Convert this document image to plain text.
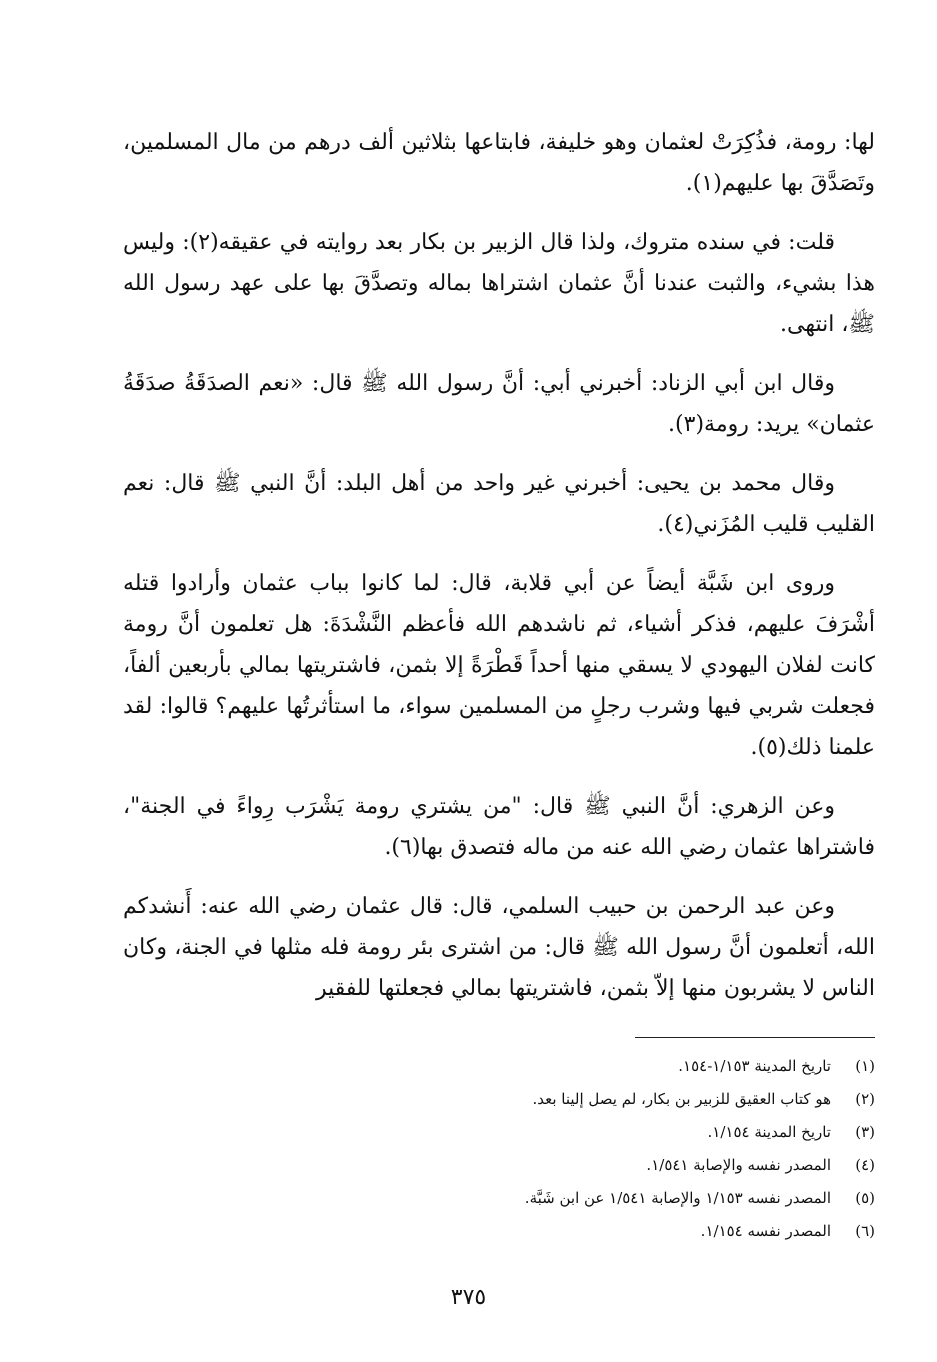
لها: رومة، فذُكِرَتْ لعثمان وهو خليفة، فابتاعها بثلاثين ألف درهم من مال المسلمين، وتَصَدَّقَ بها عليهم(١).

قلت: في سنده متروك، ولذا قال الزبير بن بكار بعد روايته في عقيقه(٢): وليس هذا بشيء، والثبت عندنا أنَّ عثمان اشتراها بماله وتصدَّقَ بها على عهد رسول الله ﷺ، انتهى.

وقال ابن أبي الزناد: أخبرني أبي: أنَّ رسول الله ﷺ قال: «نعم الصدَقَةُ صدَقَةُ عثمان» يريد: رومة(٣).

وقال محمد بن يحيى: أخبرني غير واحد من أهل البلد: أنَّ النبي ﷺ قال: نعم القليب قليب المُزَني(٤).

وروى ابن شَبَّة أيضاً عن أبي قلابة، قال: لما كانوا بباب عثمان وأرادوا قتله أشْرَفَ عليهم، فذكر أشياء، ثم ناشدهم الله فأعظم النَّشْدَةَ: هل تعلمون أنَّ رومة كانت لفلان اليهودي لا يسقي منها أحداً قَطْرَةً إلا بثمن، فاشتريتها بمالي بأربعين ألفاً، فجعلت شربي فيها وشرب رجلٍ من المسلمين سواء، ما استأثرتُها عليهم؟ قالوا: لقد علمنا ذلك(٥).

وعن الزهري: أنَّ النبي ﷺ قال: "من يشتري رومة يَشْرَب رِواءً في الجنة"، فاشتراها عثمان رضي الله عنه من ماله فتصدق بها(٦).

وعن عبد الرحمن بن حبيب السلمي، قال: قال عثمان رضي الله عنه: أَنشدكم الله، أتعلمون أنَّ رسول الله ﷺ قال: من اشترى بئر رومة فله مثلها في الجنة، وكان الناس لا يشربون منها إلاّ بثمن، فاشتريتها بمالي فجعلتها للفقير

(١)
تاريخ المدينة ١/١٥٣-١٥٤.
(٢)
هو كتاب العقيق للزبير بن بكار، لم يصل إلينا بعد.
(٣)
تاريخ المدينة ١/١٥٤.
(٤)
المصدر نفسه والإصابة ١/٥٤١.
(٥)
المصدر نفسه ١/١٥٣ والإصابة ١/٥٤١ عن ابن شَبَّة.
(٦)
المصدر نفسه ١/١٥٤.
٣٧٥
